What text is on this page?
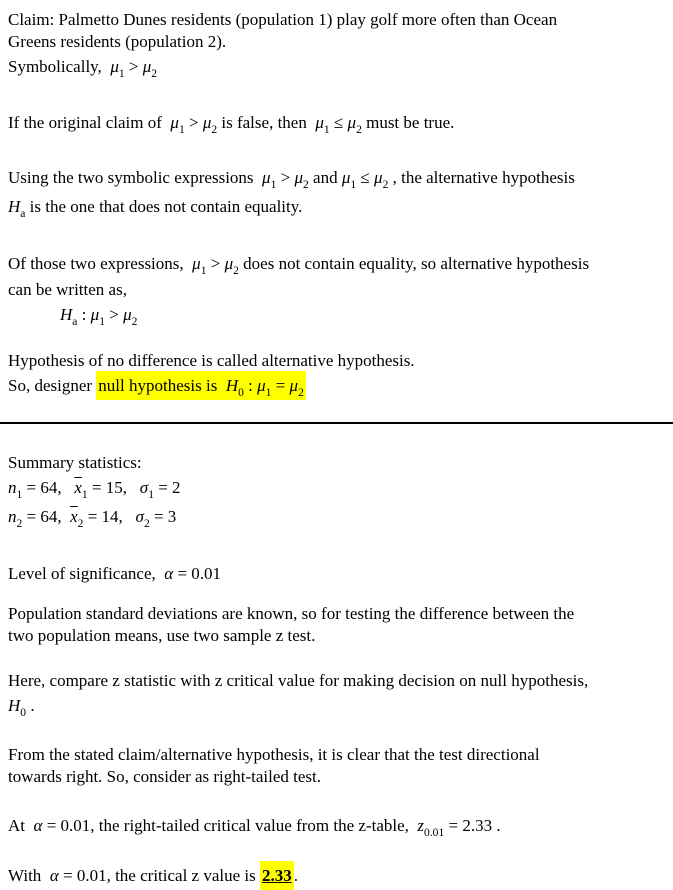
Claim: Palmetto Dunes residents (population 1) play golf more often than Ocean
Greens residents (population 2).
Symbolically,  $\mu_1 > \mu_2$
If the original claim of  $\mu_1 > \mu_2$ is false, then  $\mu_1 \le \mu_2$ must be true.
Using the two symbolic expressions  $\mu_1 > \mu_2$ and $\mu_1 \le \mu_2$ , the alternative hypothesis
$H_a$ is the one that does not contain equality.
Of those two expressions,  $\mu_1 > \mu_2$ does not contain equality, so alternative hypothesis
can be written as,
$H_a$ : $\mu_1 > \mu_2$
Hypothesis of no difference is called alternative hypothesis.
So, designer null hypothesis is  $H_0$ : $\mu_1 = \mu_2$
Summary statistics:
$n_1 = 64$,   $\overline{x}_1 = 15$,   $\sigma_1 = 2$
$n_2 = 64$,  $\overline{x}_2 = 14$,   $\sigma_2 = 3$
Level of significance,  α = 0.01
Population standard deviations are known, so for testing the difference between the
two population means, use two sample z test.
Here, compare z statistic with z critical value for making decision on null hypothesis,
$H_0$ .
From the stated claim/alternative hypothesis, it is clear that the test directional
towards right. So, consider as right-tailed test.
At  α = 0.01, the right-tailed critical value from the z-table,  $z_{0.01} = 2.33$ .
With  α = 0.01, the critical z value is 2.33 .
